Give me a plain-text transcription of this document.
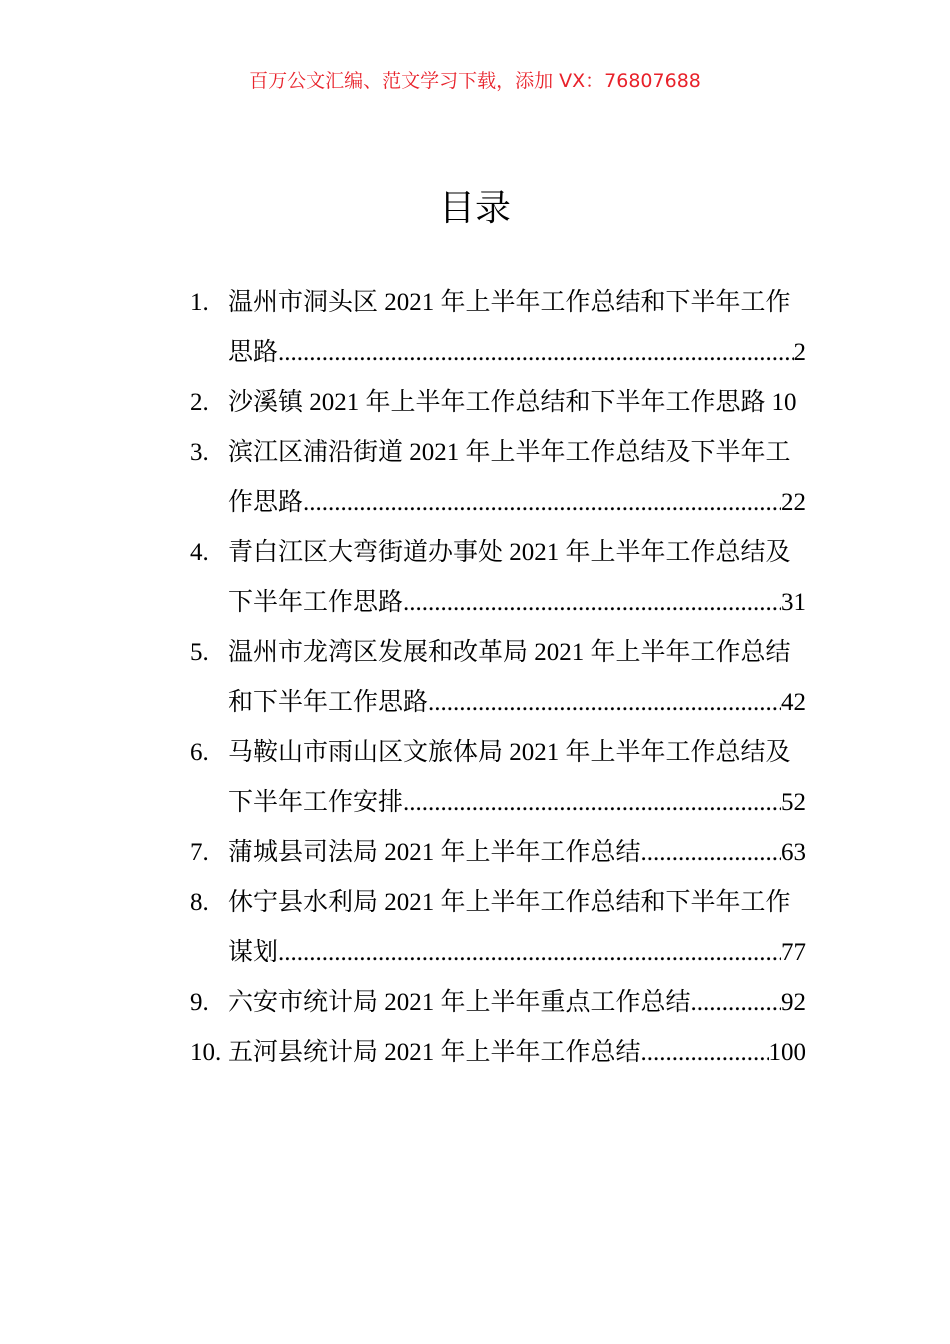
百万公文汇编、范文学习下载，添加 VX：76807688
目录
1. 温州市洞头区 2021 年上半年工作总结和下半年工作
思路 .....	2
2. 沙溪镇 2021 年上半年工作总结和下半年工作思路 10
3. 滨江区浦沿街道 2021 年上半年工作总结及下半年工
作思路 .....	22
4. 青白江区大弯街道办事处 2021 年上半年工作总结及
下半年工作思路 .....	31
5. 温州市龙湾区发展和改革局 2021 年上半年工作总结
和下半年工作思路 .....	42
6. 马鞍山市雨山区文旅体局 2021 年上半年工作总结及
下半年工作安排 .....	52
7. 蒲城县司法局 2021 年上半年工作总结 .....	63
8. 休宁县水利局 2021 年上半年工作总结和下半年工作
谋划 .....	77
9. 六安市统计局 2021 年上半年重点工作总结 .....	92
10. 五河县统计局 2021 年上半年工作总结 .....	100
